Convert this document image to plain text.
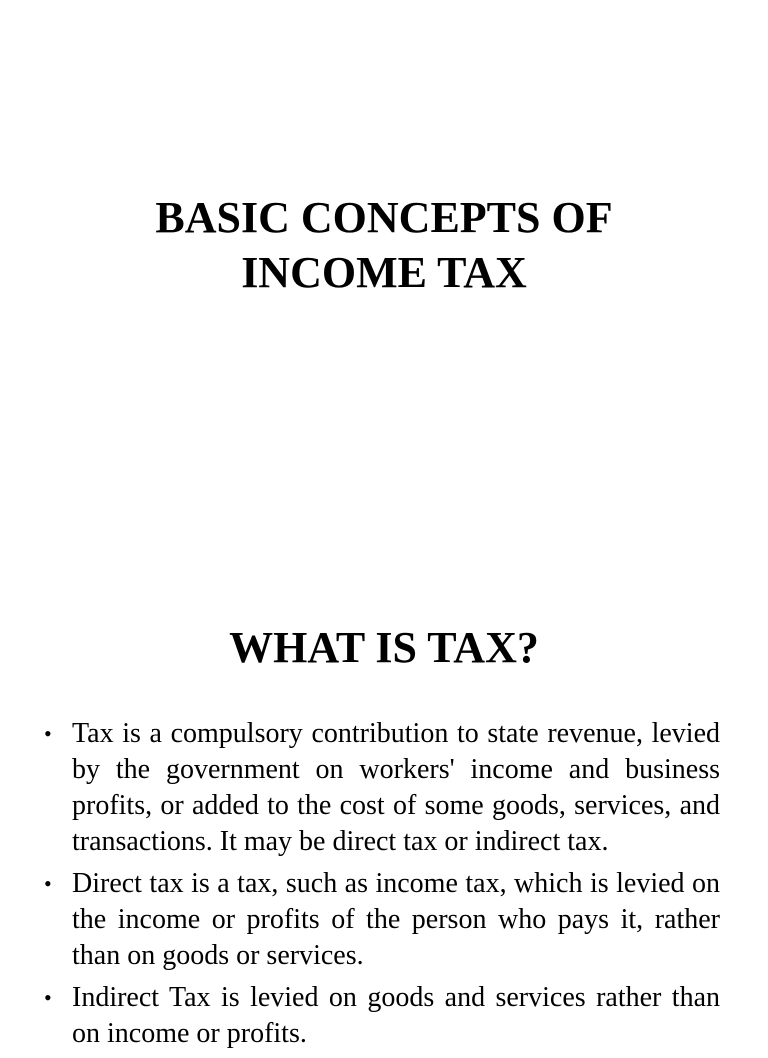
BASIC CONCEPTS OF
INCOME TAX
WHAT IS TAX?
• Tax is a compulsory contribution to state revenue, levied by the government on workers' income and business profits, or added to the cost of some goods, services, and transactions. It may be direct tax or indirect tax.
• Direct tax is a tax, such as income tax, which is levied on the income or profits of the person who pays it, rather than on goods or services.
• Indirect Tax is levied on goods and services rather than on income or profits.
